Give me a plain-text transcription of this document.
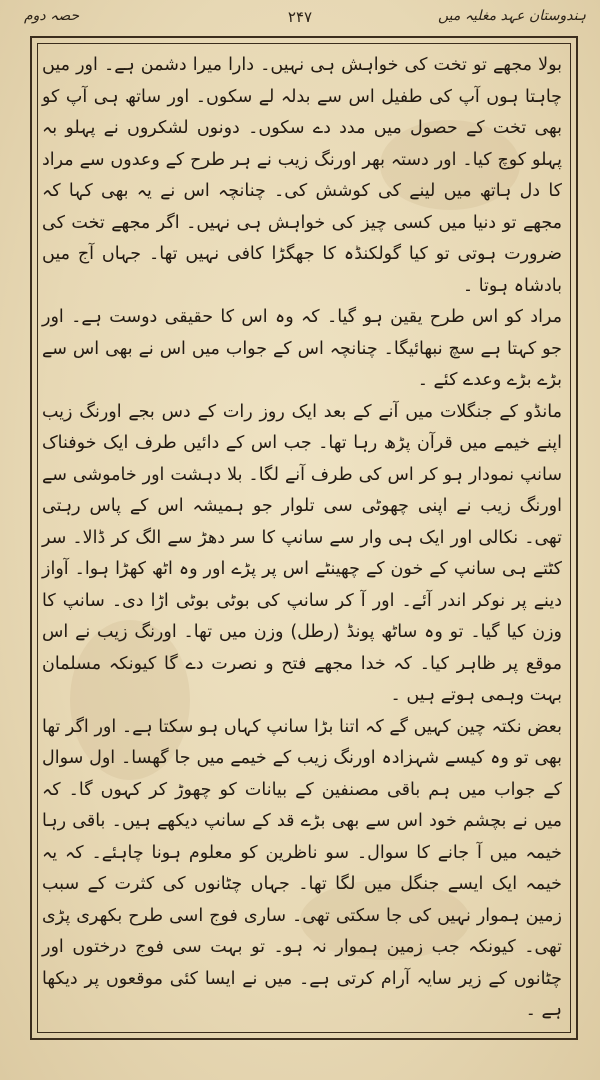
ہندوستان عہد مغلیہ میں
۲۴۷
حصہ دوم

بولا مجھے تو تخت کی خواہش ہی نہیں۔ دارا میرا دشمن ہے۔ اور میں چاہتا ہوں آپ کی طفیل اس سے بدلہ لے سکوں۔ اور ساتھ ہی آپ کو بھی تخت کے حصول میں مدد دے سکوں۔ دونوں لشکروں نے پہلو بہ پہلو کوچ کیا۔ اور دستہ بھر اورنگ زیب نے ہر طرح کے وعدوں سے مراد کا دل ہاتھ میں لینے کی کوشش کی۔ چنانچہ اس نے یہ بھی کہا کہ مجھے تو دنیا میں کسی چیز کی خواہش ہی نہیں۔ اگر مجھے تخت کی ضرورت ہوتی تو کیا گولکنڈہ کا جھگڑا کافی نہیں تھا۔ جہاں آج میں بادشاہ ہوتا ۔

مراد کو اس طرح یقین ہو گیا۔ کہ وہ اس کا حقیقی دوست ہے۔ اور جو کہتا ہے سچ نبھائیگا۔ چنانچہ اس کے جواب میں اس نے بھی اس سے بڑے بڑے وعدے کئے ۔

مانڈو کے جنگلات میں آنے کے بعد ایک روز رات کے دس بجے اورنگ زیب اپنے خیمے میں قرآن پڑھ رہا تھا۔ جب اس کے دائیں طرف ایک خوفناک سانپ نمودار ہو کر اس کی طرف آنے لگا۔ بلا دہشت اور خاموشی سے اورنگ زیب نے اپنی چھوٹی سی تلوار جو ہمیشہ اس کے پاس رہتی تھی۔ نکالی اور ایک ہی وار سے سانپ کا سر دھڑ سے الگ کر ڈالا۔ سر کٹتے ہی سانپ کے خون کے چھینٹے اس پر پڑے اور وہ اٹھ کھڑا ہوا۔ آواز دینے پر نوکر اندر آئے۔ اور آ کر سانپ کی بوٹی بوٹی اڑا دی۔ سانپ کا وزن کیا گیا۔ تو وہ ساٹھ پونڈ (رطل) وزن میں تھا۔ اورنگ زیب نے اس موقع پر ظاہر کیا۔ کہ خدا مجھے فتح و نصرت دے گا کیونکہ مسلمان بہت وہمی ہوتے ہیں ۔

بعض نکتہ چین کہیں گے کہ اتنا بڑا سانپ کہاں ہو سکتا ہے۔ اور اگر تھا بھی تو وہ کیسے شہزادہ اورنگ زیب کے خیمے میں جا گھسا۔ اول سوال کے جواب میں ہم باقی مصنفین کے بیانات کو چھوڑ کر کہوں گا۔ کہ میں نے بچشم خود اس سے بھی بڑے قد کے سانپ دیکھے ہیں۔ باقی رہا خیمہ میں آ جانے کا سوال۔ سو ناظرین کو معلوم ہونا چاہئے۔ کہ یہ خیمہ ایک ایسے جنگل میں لگا تھا۔ جہاں چٹانوں کی کثرت کے سبب زمین ہموار نہیں کی جا سکتی تھی۔ ساری فوج اسی طرح بکھری پڑی تھی۔ کیونکہ جب زمین ہموار نہ ہو۔ تو بہت سی فوج درختوں اور چٹانوں کے زیر سایہ آرام کرتی ہے۔ میں نے ایسا کئی موقعوں پر دیکھا ہے ۔
